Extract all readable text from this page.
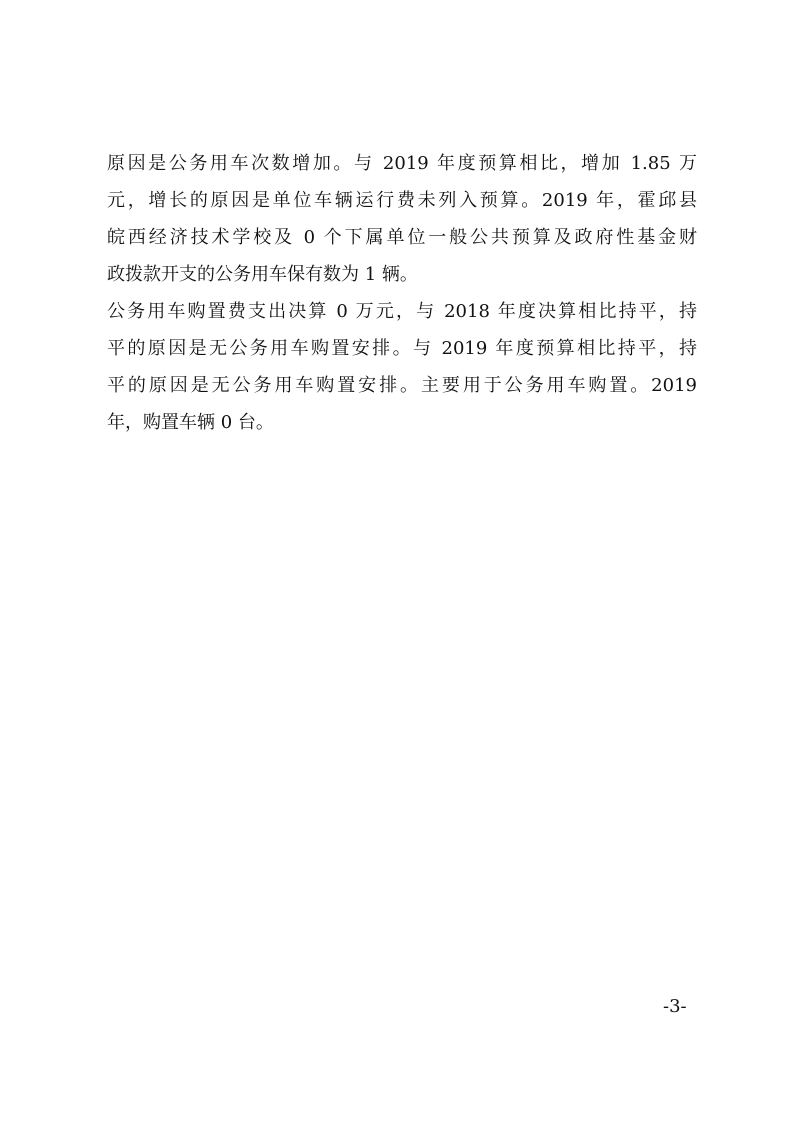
原因是公务用车次数增加。与 2019 年度预算相比，增加 1.85 万
元，增长的原因是单位车辆运行费未列入预算。2019 年，霍邱县
皖西经济技术学校及 0 个下属单位一般公共预算及政府性基金财
政拨款开支的公务用车保有数为 1 辆。
公务用车购置费支出决算 0 万元，与 2018 年度决算相比持平，持
平的原因是无公务用车购置安排。与 2019 年度预算相比持平，持
平的原因是无公务用车购置安排。主要用于公务用车购置。2019
年，购置车辆 0 台。
-3-
